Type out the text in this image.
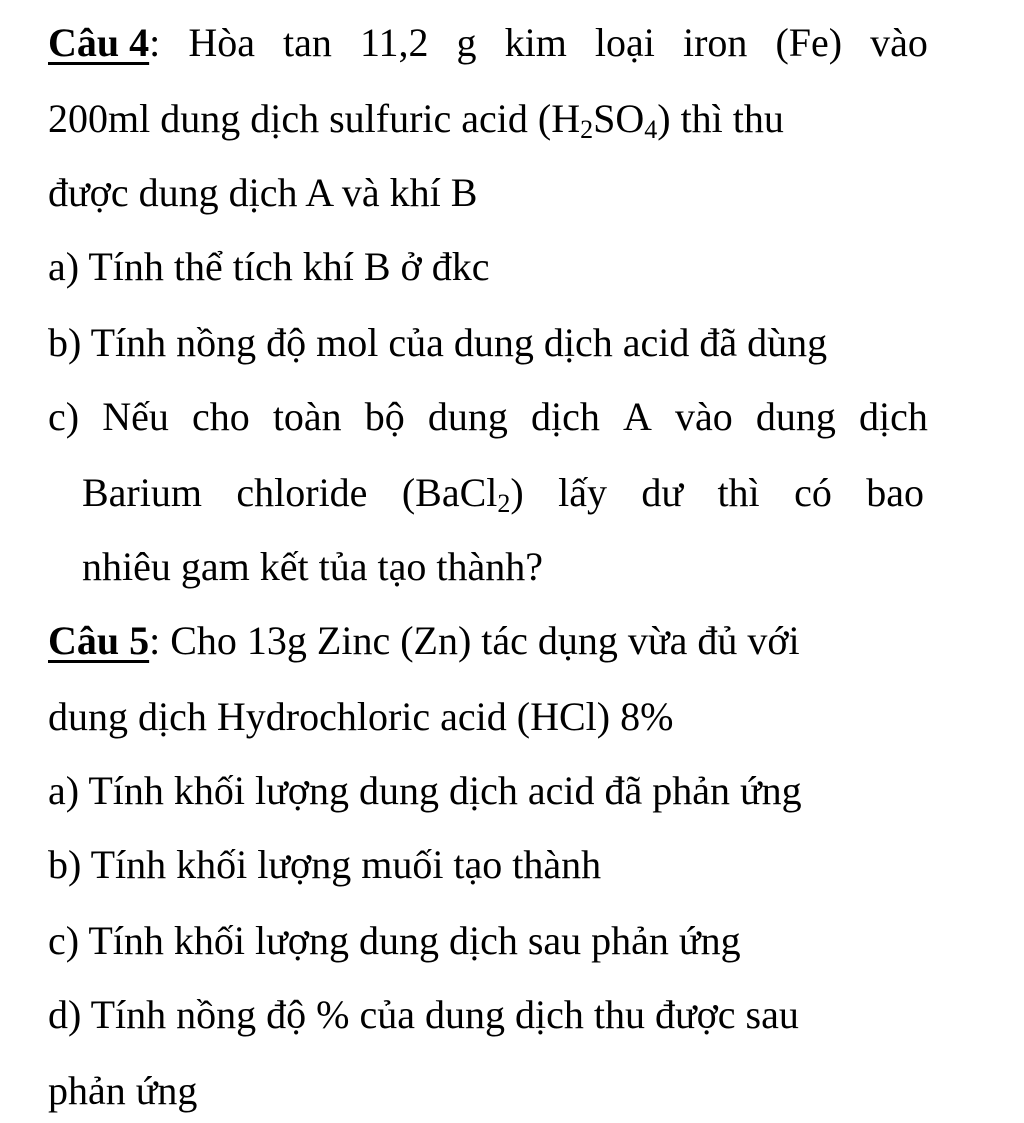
Câu 4: Hòa tan 11,2 g kim loại iron (Fe) vào
200ml dung dịch sulfuric acid $(H_2SO_4)$ thì thu
được dung dịch A và khí B
a) Tính thể tích khí B ở đkc
b) Tính nồng độ mol của dung dịch acid đã dùng
c) Nếu cho toàn bộ dung dịch A vào dung dịch
Barium chloride (BaCl$_2$) lấy dư thì có bao
nhiêu gam kết tủa tạo thành?
Câu 5: Cho 13g Zinc (Zn) tác dụng vừa đủ với
dung dịch Hydrochloric acid (HCl) 8%
a) Tính khối lượng dung dịch acid đã phản ứng
b) Tính khối lượng muối tạo thành
c) Tính khối lượng dung dịch sau phản ứng
d) Tính nồng độ % của dung dịch thu được sau
phản ứng
